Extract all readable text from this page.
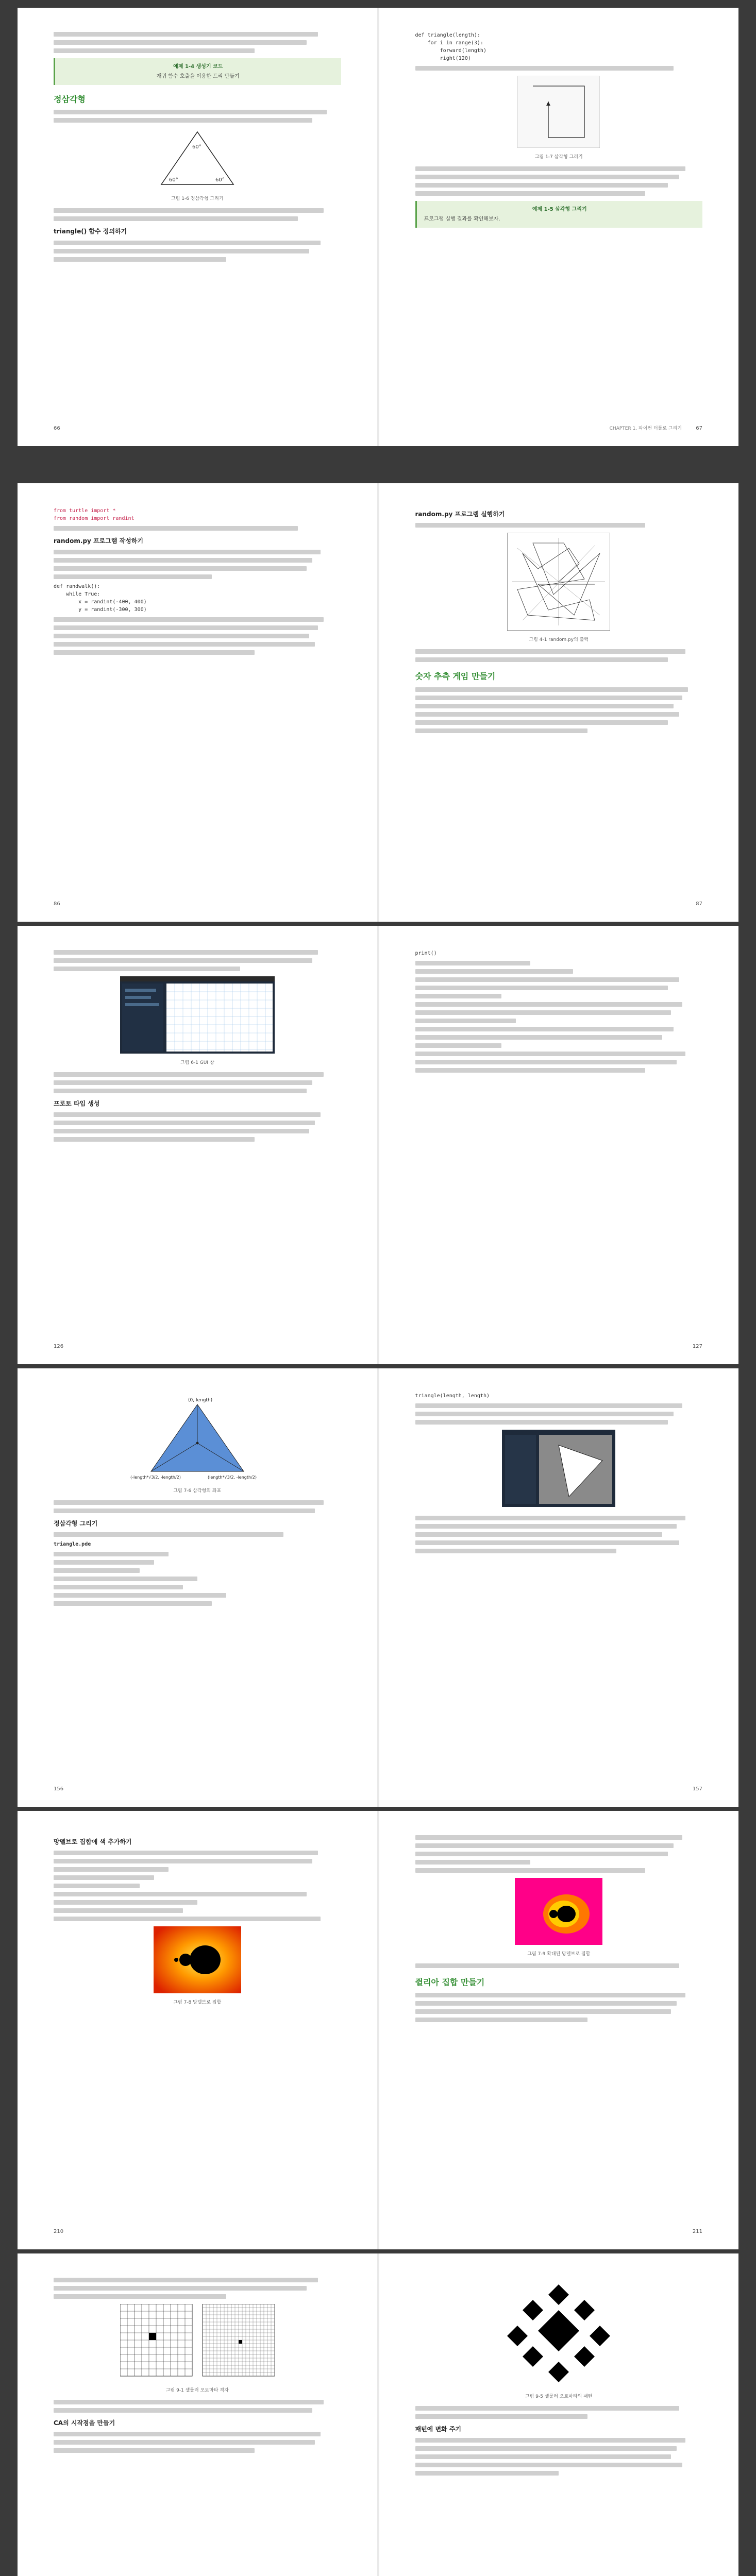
예제 1-4 생성기 코드
재귀 함수 호출을 이용한 트리 만들기
정삼각형
60°
60°	60°
그림 1-6 정삼각형 그리기
triangle() 함수 정의하기
66
def triangle(length):
for i in range(3):
forward(length)
right(120)
그림 1-7 삼각형 그리기
예제 1-5 삼각형 그리기
프로그램 실행 결과를 확인해보자.
CHAPTER 1. 파이썬 터틀로 그리기	67
from turtle import *
from random import randint
random.py 프로그램 작성하기
def randwalk():
while True:
x = randint(-400, 400)
y = randint(-300, 300)
86
random.py 프로그램 실행하기
그림 4-1 random.py의 출력
숫자 추측 게임 만들기
87
그림 6-1 GUI 창
프로토 타입 생성
126
print()
127
(0, length)
(-length*√3/2, -length/2)	(length*√3/2, -length/2)
그림 7-6 삼각형의 좌표
정삼각형 그리기
triangle.pde
156
triangle(length, length)
157
망델브로 집합에 색 추가하기
그림 7-8 망델브로 집합
210
그림 7-9 확대된 망델브로 집합
쥘리아 집합 만들기
211
그림 9-1 셀룰러 오토마타 격자
CA의 시작점을 만들기
그림 9-5 셀룰러 오토마타의 패턴
패턴에 변화 주기
